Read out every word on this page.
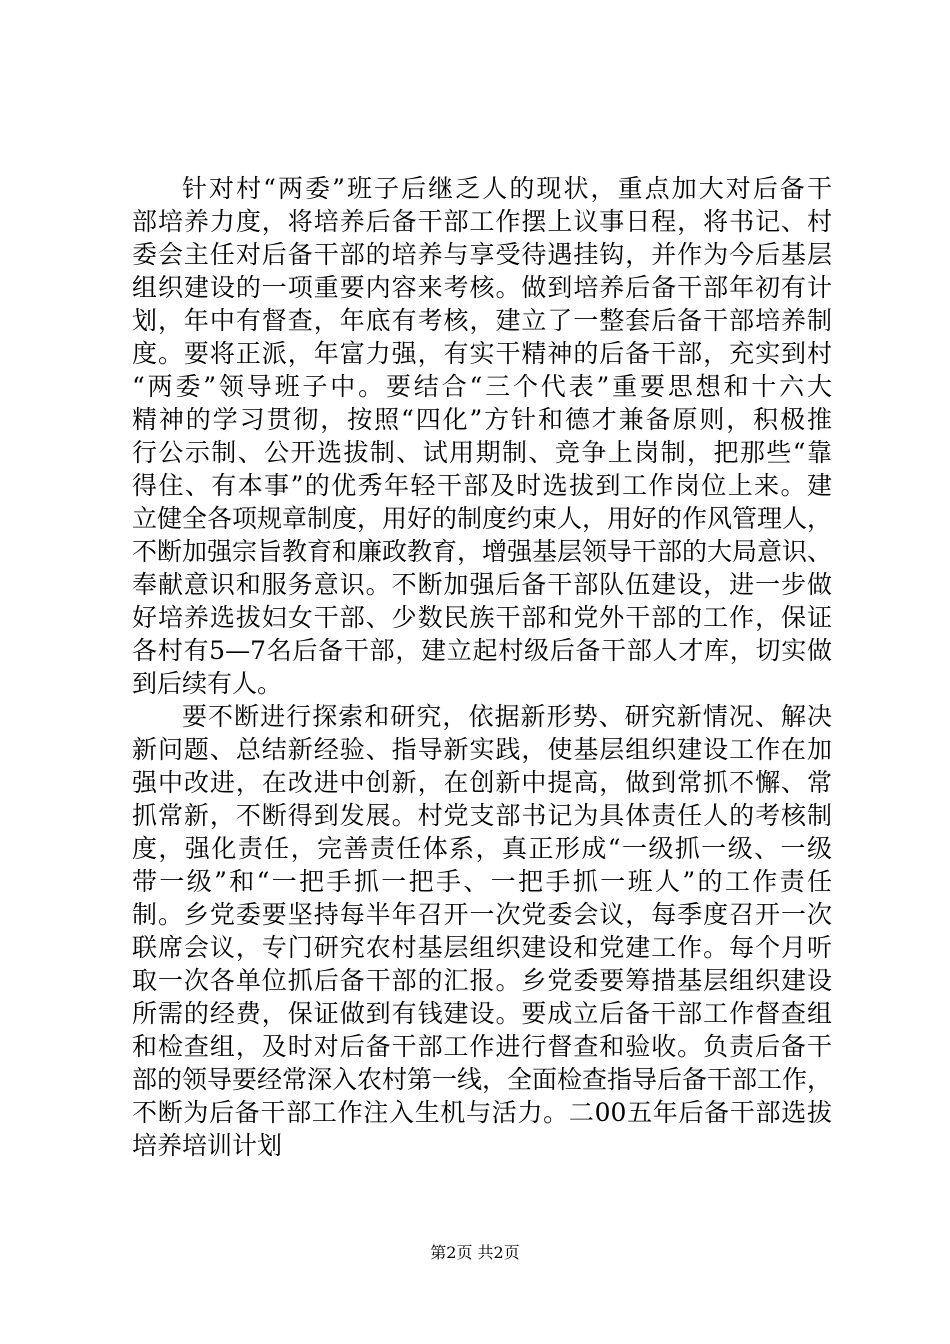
针对村“两委”班子后继乏人的现状，重点加大对后备干
部培养力度，将培养后备干部工作摆上议事日程，将书记、村
委会主任对后备干部的培养与享受待遇挂钩，并作为今后基层
组织建设的一项重要内容来考核。做到培养后备干部年初有计
划，年中有督查，年底有考核，建立了一整套后备干部培养制
度。要将正派，年富力强，有实干精神的后备干部，充实到村
“两委”领导班子中。要结合“三个代表”重要思想和十六大
精神的学习贯彻，按照“四化”方针和德才兼备原则，积极推
行公示制、公开选拔制、试用期制、竞争上岗制，把那些“靠
得住、有本事”的优秀年轻干部及时选拔到工作岗位上来。建
立健全各项规章制度，用好的制度约束人，用好的作风管理人，
不断加强宗旨教育和廉政教育，增强基层领导干部的大局意识、
奉献意识和服务意识。不断加强后备干部队伍建设，进一步做
好培养选拔妇女干部、少数民族干部和党外干部的工作，保证
各村有5—7名后备干部，建立起村级后备干部人才库，切实做
到后续有人。
要不断进行探索和研究，依据新形势、研究新情况、解决
新问题、总结新经验、指导新实践，使基层组织建设工作在加
强中改进，在改进中创新，在创新中提高，做到常抓不懈、常
抓常新，不断得到发展。村党支部书记为具体责任人的考核制
度，强化责任，完善责任体系，真正形成“一级抓一级、一级
带一级”和“一把手抓一把手、一把手抓一班人”的工作责任
制。乡党委要坚持每半年召开一次党委会议，每季度召开一次
联席会议，专门研究农村基层组织建设和党建工作。每个月听
取一次各单位抓后备干部的汇报。乡党委要筹措基层组织建设
所需的经费，保证做到有钱建设。要成立后备干部工作督查组
和检查组，及时对后备干部工作进行督查和验收。负责后备干
部的领导要经常深入农村第一线，全面检查指导后备干部工作，
不断为后备干部工作注入生机与活力。二00五年后备干部选拔
培养培训计划
第2页 共2页
